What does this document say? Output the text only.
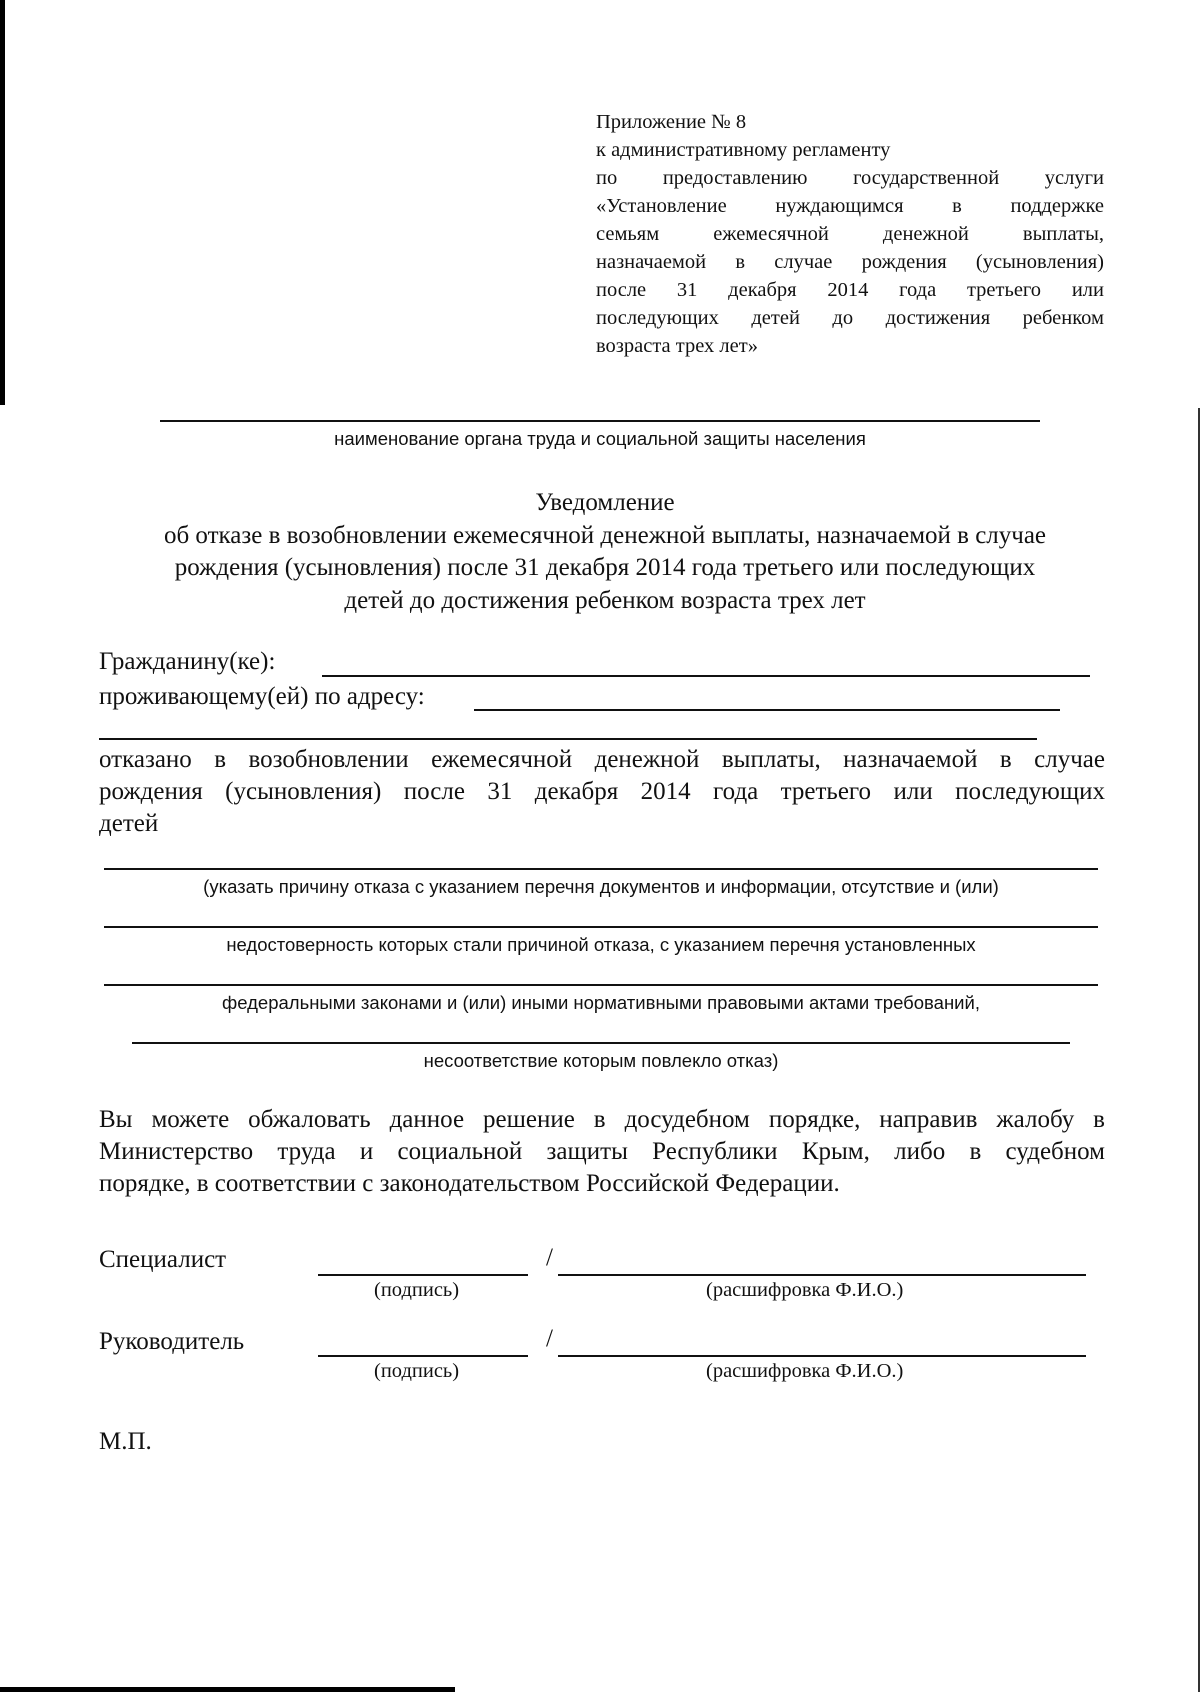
Приложение № 8
к административному регламенту
по предоставлению государственной услуги
«Установление нуждающимся в поддержке
семьям ежемесячной денежной выплаты,
назначаемой в случае рождения (усыновления)
после 31 декабря 2014 года третьего или
последующих детей до достижения ребенком
возраста трех лет»
наименование органа труда и социальной защиты населения
Уведомление
об отказе в возобновлении ежемесячной денежной выплаты, назначаемой в случае
рождения (усыновления) после 31 декабря 2014 года третьего или последующих
детей до достижения ребенком возраста трех лет
Гражданину(ке):
проживающему(ей) по адресу:
отказано в возобновлении ежемесячной денежной выплаты, назначаемой в случае
рождения (усыновления) после 31 декабря 2014 года третьего или последующих
детей
(указать причину отказа с указанием перечня документов и информации, отсутствие и (или)
недостоверность которых стали причиной отказа, с указанием перечня установленных
федеральными законами и (или) иными нормативными правовыми актами требований,
несоответствие которым повлекло отказ)
Вы можете обжаловать данное решение в досудебном порядке, направив жалобу в
Министерство труда и социальной защиты Республики Крым, либо в судебном
порядке, в соответствии с законодательством Российской Федерации.
Специалист	/
(подпись)	(расшифровка Ф.И.О.)
Руководитель	/
(подпись)	(расшифровка Ф.И.О.)
М.П.
